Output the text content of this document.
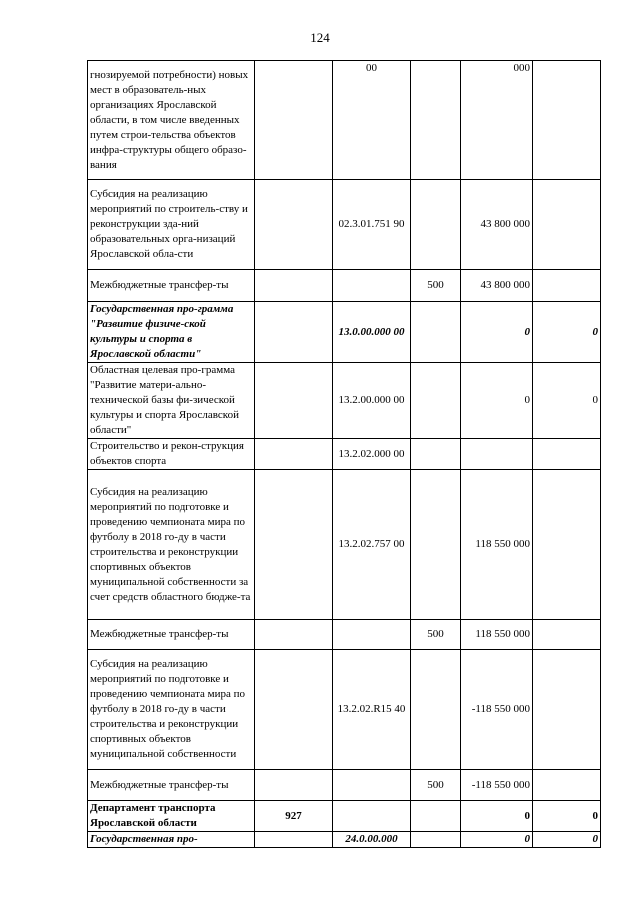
124
гнозируемой потребности) новых мест в образователь-ных организациях Ярославской области, в том числе введенных путем строи-тельства объектов инфра-структуры общего образо-вания		00		000	
Субсидия на реализацию мероприятий по строитель-ству и реконструкции зда-ний образовательных орга-низаций Ярославской обла-сти		02.3.01.751 90		43 800 000	
Межбюджетные трансфер-ты			500	43 800 000	
Государственная про-грамма "Развитие физиче-ской культуры и спорта в Ярославской области"		13.0.00.000 00		0	0
Областная целевая про-грамма "Развитие матери-ально-технической базы фи-зической культуры и спорта Ярославской области"		13.2.00.000 00		0	0
Строительство и рекон-струкция объектов спорта		13.2.02.000 00			
Субсидия на реализацию мероприятий по подготовке и проведению чемпионата мира по футболу в 2018 го-ду в части строительства и реконструкции спортивных объектов муниципальной собственности за счет средств областного бюдже-та		13.2.02.757 00		118 550 000	
Межбюджетные трансфер-ты			500	118 550 000	
Субсидия на реализацию мероприятий по подготовке и проведению чемпионата мира по футболу в 2018 го-ду в части строительства и реконструкции спортивных объектов муниципальной собственности		13.2.02.R15 40		-118 550 000	
Межбюджетные трансфер-ты			500	-118 550 000	
Департамент транспорта Ярославской области	927			0	0
Государственная про-		24.0.00.000		0	0
